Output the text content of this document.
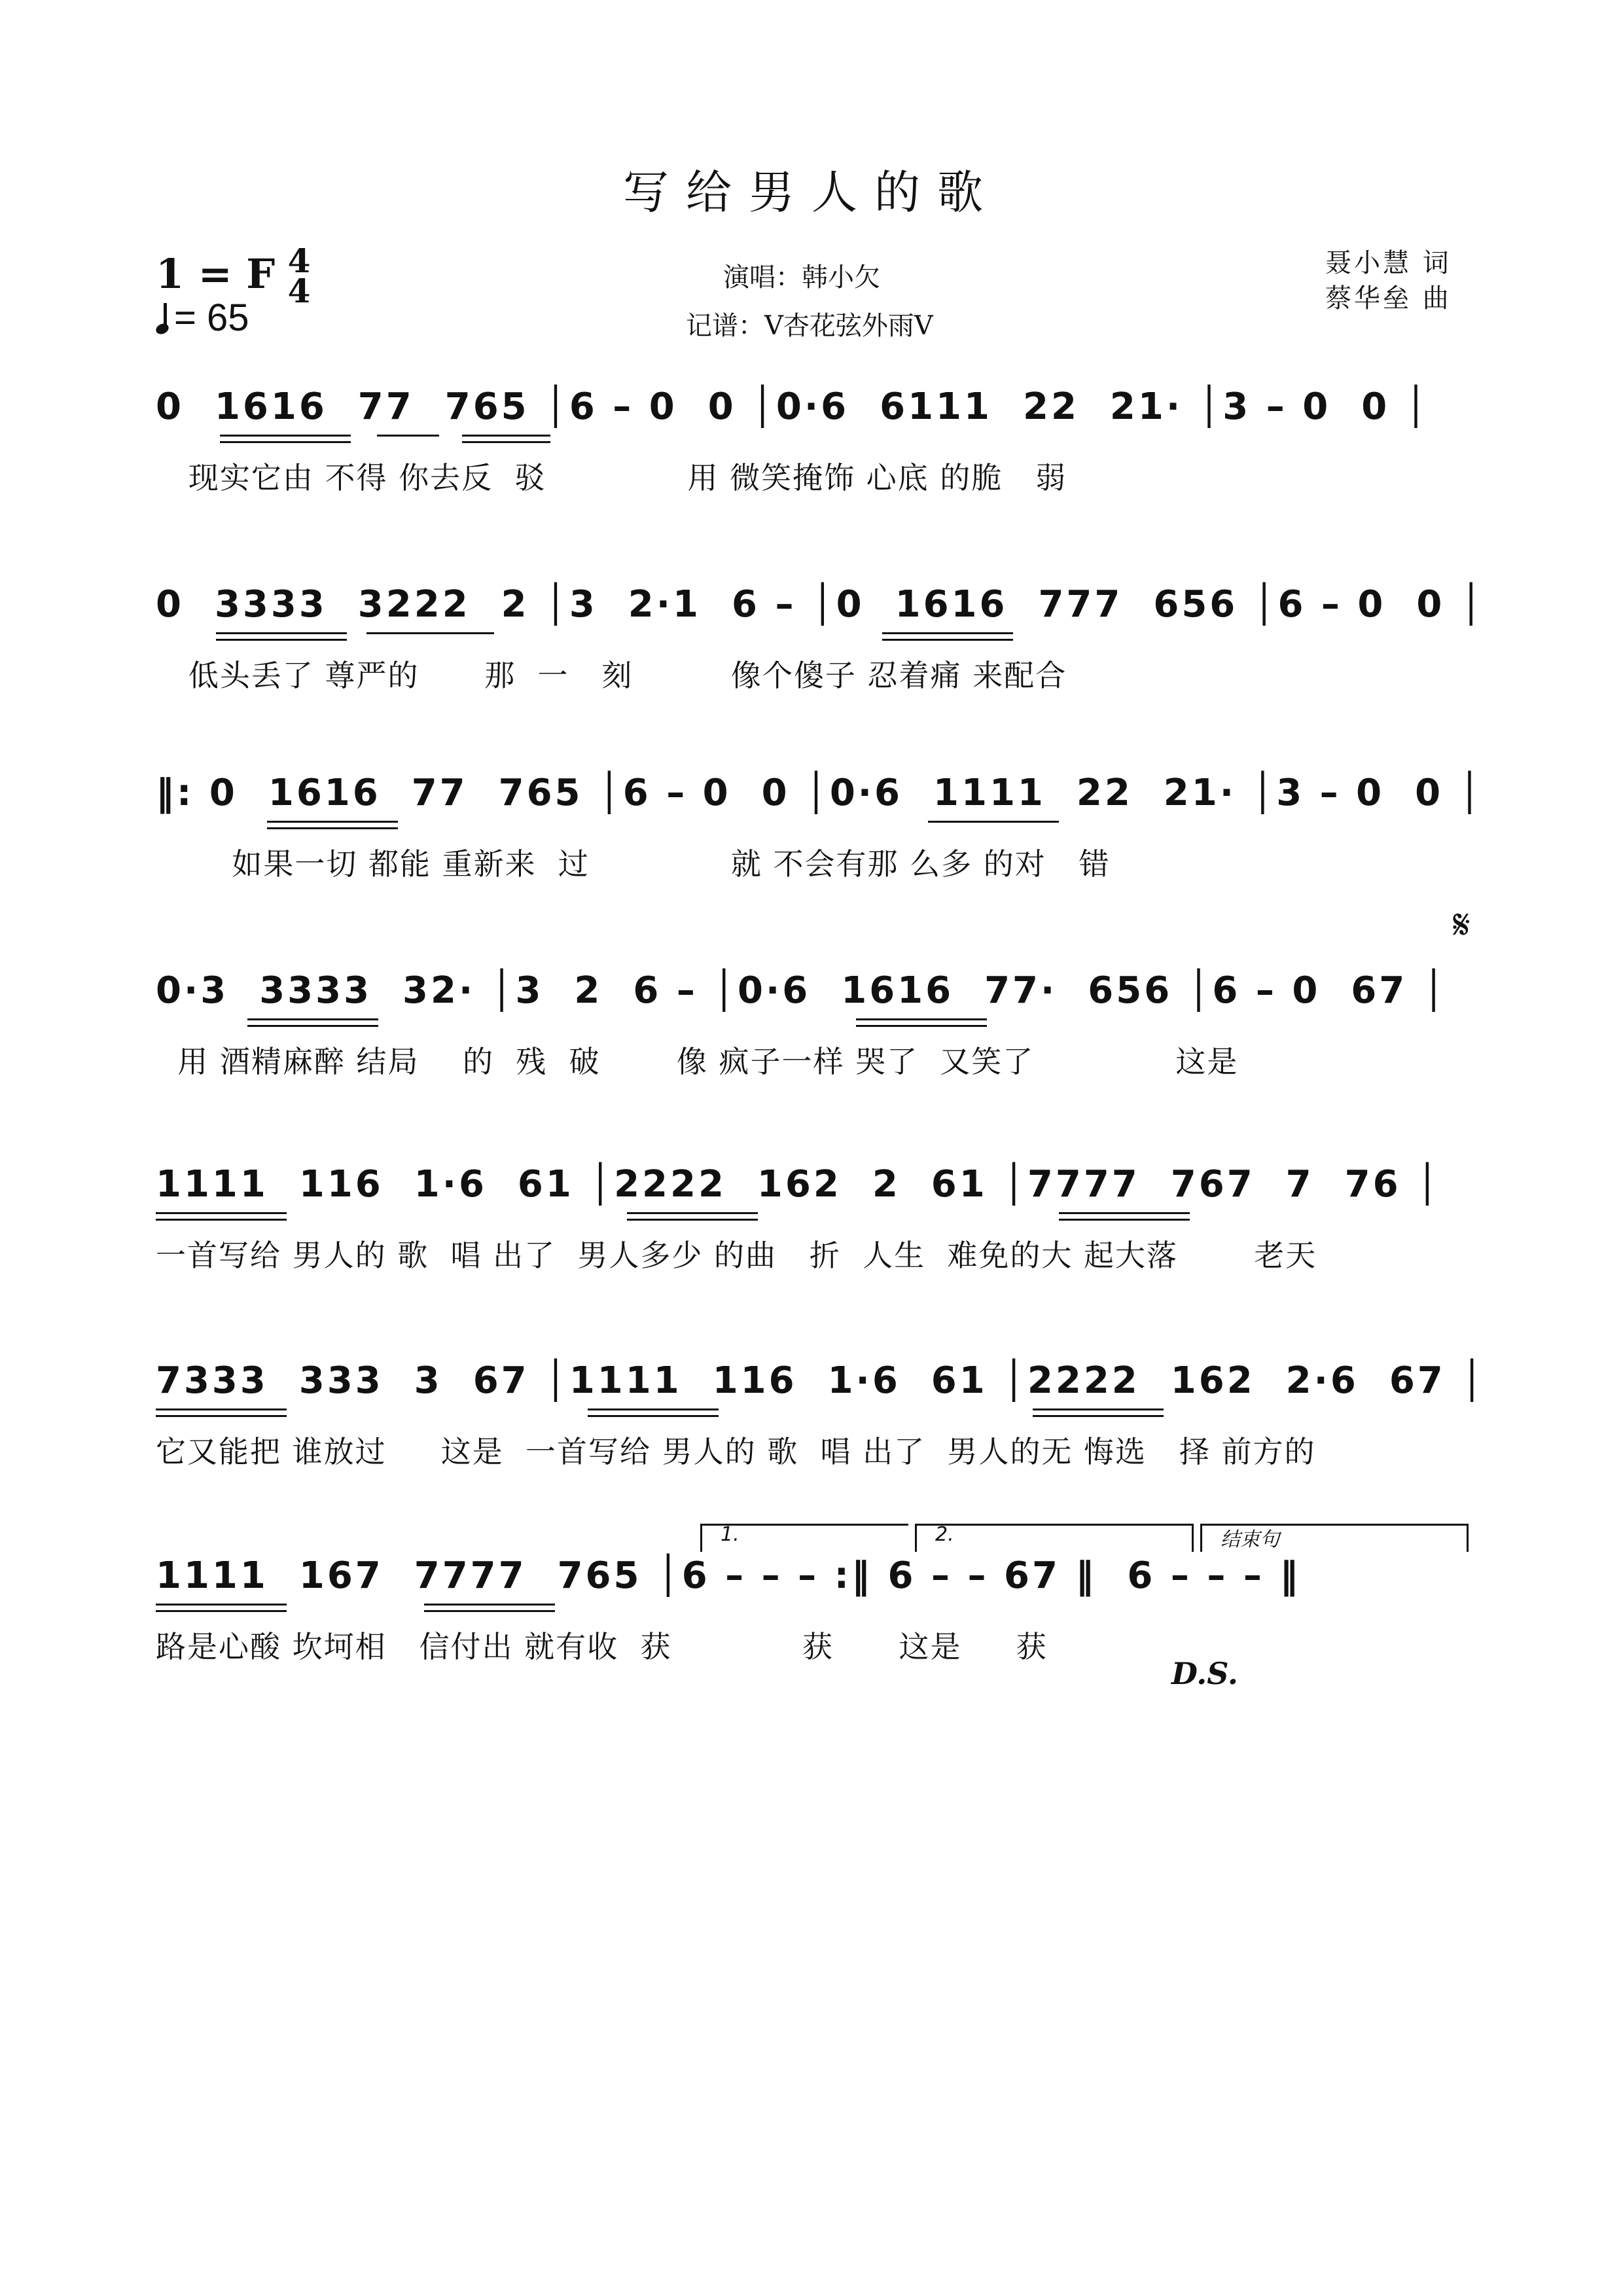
写给男人的歌
1 = F 4
4
= 65
演唱：韩小欠
记谱：V杏花弦外雨V
聂小慧 词
蔡华垒 曲
𝄋
0  1616  77  765 │6 – 0  0 │0·6  6111  22  21· │3 – 0  0 │
现实它由 不得 你去反  驳             用 微笑掩饰 心底 的脆   弱
0  3333  3222  2 │3  2·1  6 – │0  1616  777  656 │6 – 0  0 │
低头丢了 尊严的      那  一   刻         像个傻子 忍着痛 来配合
‖: 0  1616  77  765 │6 – 0  0 │0·6  1111  22  21· │3 – 0  0 │
如果一切 都能 重新来  过             就 不会有那 么多 的对   错
0·3  3333  32· │3  2  6 – │0·6  1616  77·  656 │6 – 0  67 │
用 酒精麻醉 结局    的  残  破       像 疯子一样 哭了  又笑了             这是
1111  116  1·6  61 │2222  162  2  61 │7777  767  7  76 │
一首写给 男人的 歌  唱 出了  男人多少 的曲   折  人生  难免的大 起大落       老天
7333  333  3  67 │1111  116  1·6  61 │2222  162  2·6  67 │
它又能把 谁放过     这是  一首写给 男人的 歌  唱 出了  男人的无 悔选   择 前方的
1111  167  7777  765 │6 – – – :‖ 6 – – 67 ‖  6 – – – ‖
路是心酸 坎坷相   信付出 就有收  获            获      这是     获
1.	2.	结束句
D.S.
